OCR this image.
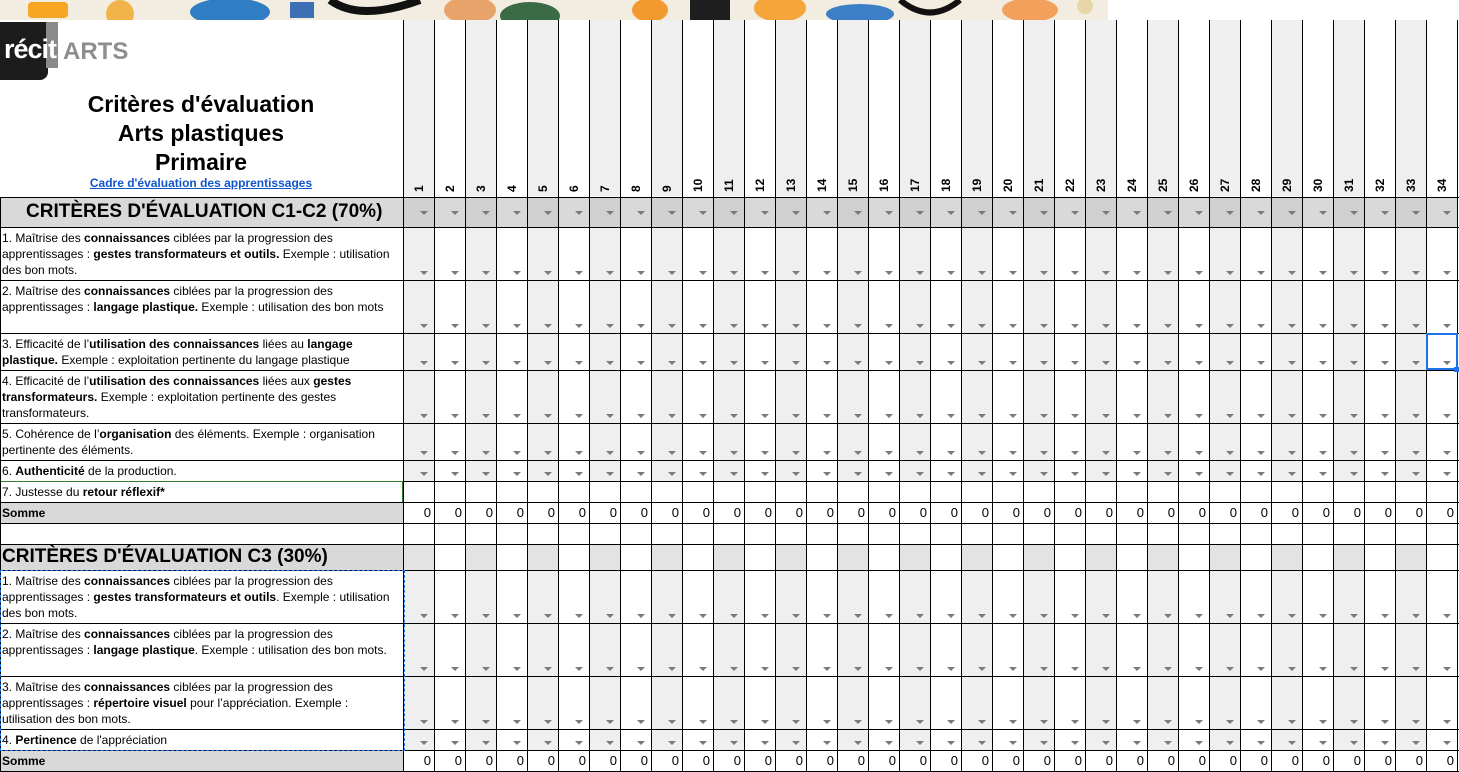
récit ARTS
Critères d'évaluation
Arts plastiques
Primaire
Cadre d'évaluation des apprentissages	1 2 3 4 5 6 7 8 9 10 11 12 13 14 15 16 17 18 19 20 21 22 23 24 25 26 27 28 29 30 31 32 33 34
CRITÈRES D'ÉVALUATION C1-C2 (70%)
1. Maîtrise des connaissances ciblées par la progression des apprentissages : gestes transformateurs et outils. Exemple : utilisation des bon mots.
2. Maîtrise des connaissances ciblées par la progression des apprentissages : langage plastique. Exemple : utilisation des bon mots
3. Efficacité de l’utilisation des connaissances liées au langage plastique. Exemple : exploitation pertinente du langage plastique
4. Efficacité de l’utilisation des connaissances liées aux gestes transformateurs. Exemple : exploitation pertinente des gestes transformateurs.
5. Cohérence de l’organisation des éléments. Exemple : organisation pertinente des éléments.
6. Authenticité de la production.
7. Justesse du retour réflexif*
Somme	0	0	0	0	0	0	0	0	0	0	0	0	0	0	0	0	0	0	0	0	0	0	0	0	0	0	0	0	0	0	0	0	0	0
CRITÈRES D'ÉVALUATION C3 (30%)
1. Maîtrise des connaissances ciblées par la progression des apprentissages : gestes transformateurs et outils. Exemple : utilisation des bon mots.
2. Maîtrise des connaissances ciblées par la progression des apprentissages : langage plastique. Exemple : utilisation des bon mots.
3. Maîtrise des connaissances ciblées par la progression des apprentissages : répertoire visuel pour l’appréciation. Exemple : utilisation des bon mots.
4. Pertinence de l'appréciation
Somme	0	0	0	0	0	0	0	0	0	0	0	0	0	0	0	0	0	0	0	0	0	0	0	0	0	0	0	0	0	0	0	0	0	0
